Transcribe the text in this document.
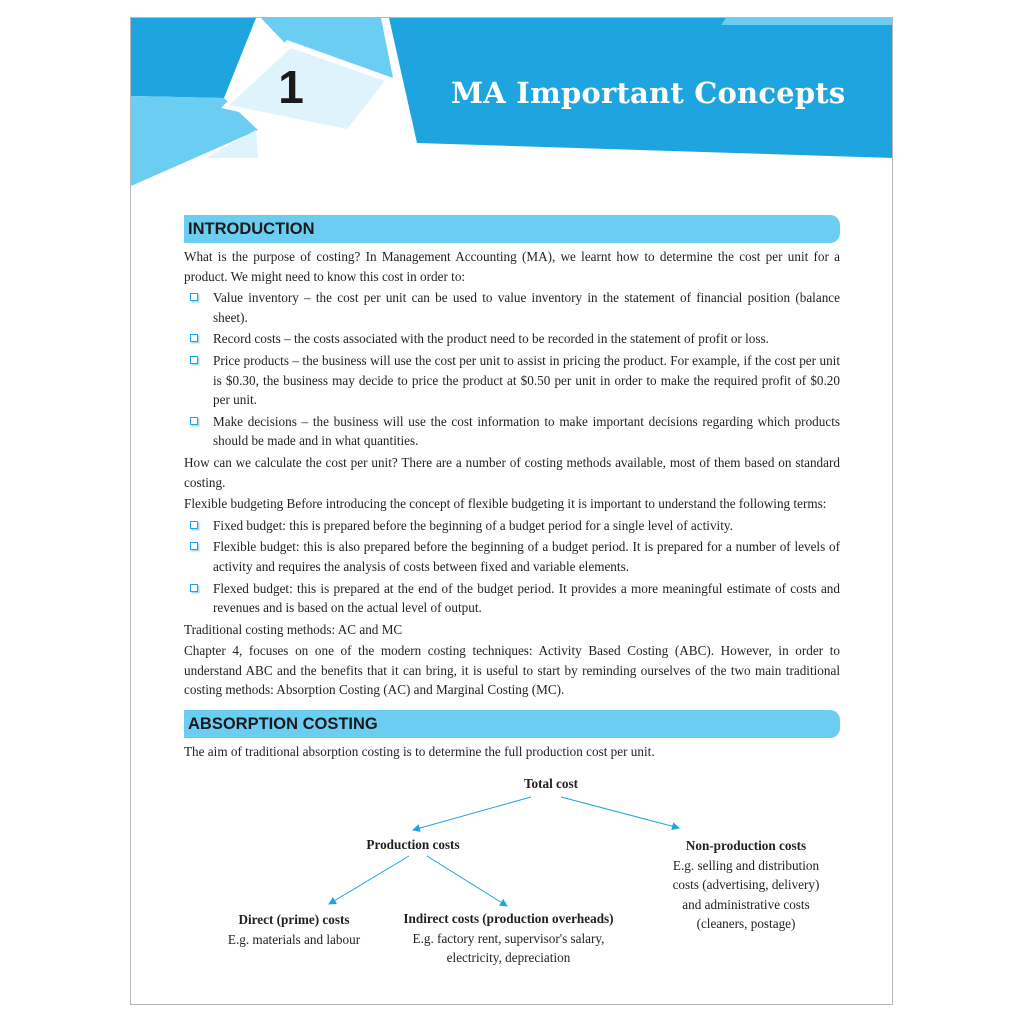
1	MA Important Concepts
INTRODUCTION

What is the purpose of costing? In Management Accounting (MA), we learnt how to determine the cost per unit for a product. We might need to know this cost in order to:

Value inventory – the cost per unit can be used to value inventory in the statement of financial position (balance sheet).
Record costs – the costs associated with the product need to be recorded in the statement of profit or loss.
Price products – the business will use the cost per unit to assist in pricing the product. For example, if the cost per unit is $0.30, the business may decide to price the product at $0.50 per unit in order to make the required profit of $0.20 per unit.
Make decisions – the business will use the cost information to make important decisions regarding which products should be made and in what quantities.

How can we calculate the cost per unit? There are a number of costing methods available, most of them based on standard costing.

Flexible budgeting Before introducing the concept of flexible budgeting it is important to understand the following terms:

Fixed budget: this is prepared before the beginning of a budget period for a single level of activity.
Flexible budget: this is also prepared before the beginning of a budget period. It is prepared for a number of levels of activity and requires the analysis of costs between fixed and variable elements.
Flexed budget: this is prepared at the end of the budget period. It provides a more meaningful estimate of costs and revenues and is based on the actual level of output.

Traditional costing methods: AC and MC

Chapter 4, focuses on one of the modern costing techniques: Activity Based Costing (ABC). However, in order to understand ABC and the benefits that it can bring, it is useful to start by reminding ourselves of the two main traditional costing methods: Absorption Costing (AC) and Marginal Costing (MC).

ABSORPTION COSTING

The aim of traditional absorption costing is to determine the full production cost per unit.

Total cost
Production costs	Non-production costs
E.g. selling and distribution
costs (advertising, delivery)
and administrative costs
(cleaners, postage)
Direct (prime) costs
E.g. materials and labour
Indirect costs (production overheads)
E.g. factory rent, supervisor's salary,
electricity, depreciation
